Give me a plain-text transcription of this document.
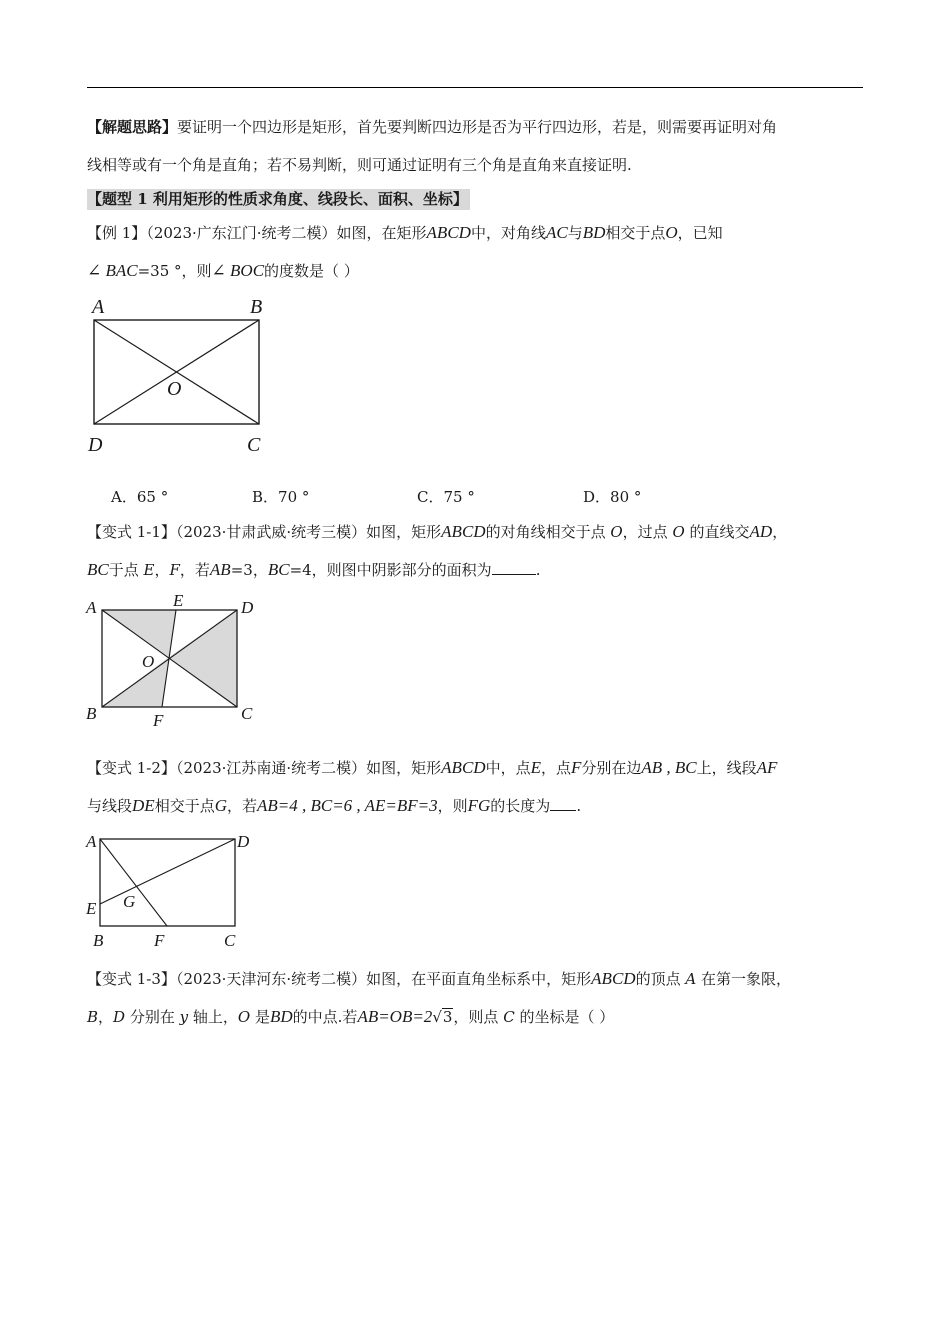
【解题思路】要证明一个四边形是矩形，首先要判断四边形是否为平行四边形，若是，则需要再证明对角
线相等或有一个角是直角；若不易判断，则可通过证明有三个角是直角来直接证明.
【题型 1 利用矩形的性质求角度、线段长、面积、坐标】
【例 1】（2023·广东江门·统考二模）如图，在矩形ABCD中，对角线AC与BD相交于点O，已知
∠ BAC=35 °，则∠ BOC的度数是（ ）
A	B
O
D	C
A．65 °	B．70 °	C．75 °	D．80 °
【变式 1-1】（2023·甘肃武威·统考三模）如图，矩形ABCD的对角线相交于点 O，过点 O 的直线交AD，
BC于点 E，F，若AB=3，BC=4，则图中阴影部分的面积为	.
A	E	D
O
B	F	C
【变式 1-2】（2023·江苏南通·统考二模）如图，矩形ABCD中，点E，点F分别在边AB , BC上，线段AF
与线段DE相交于点G，若AB=4 , BC=6 , AE=BF=3，则FG的长度为 .
A	D
E G
B	F	C
【变式 1-3】（2023·天津河东·统考二模）如图，在平面直角坐标系中，矩形ABCD的顶点 A 在第一象限，
B，D 分别在 y 轴上，O 是BD的中点.若AB=OB=2√3，则点 C 的坐标是（ ）
